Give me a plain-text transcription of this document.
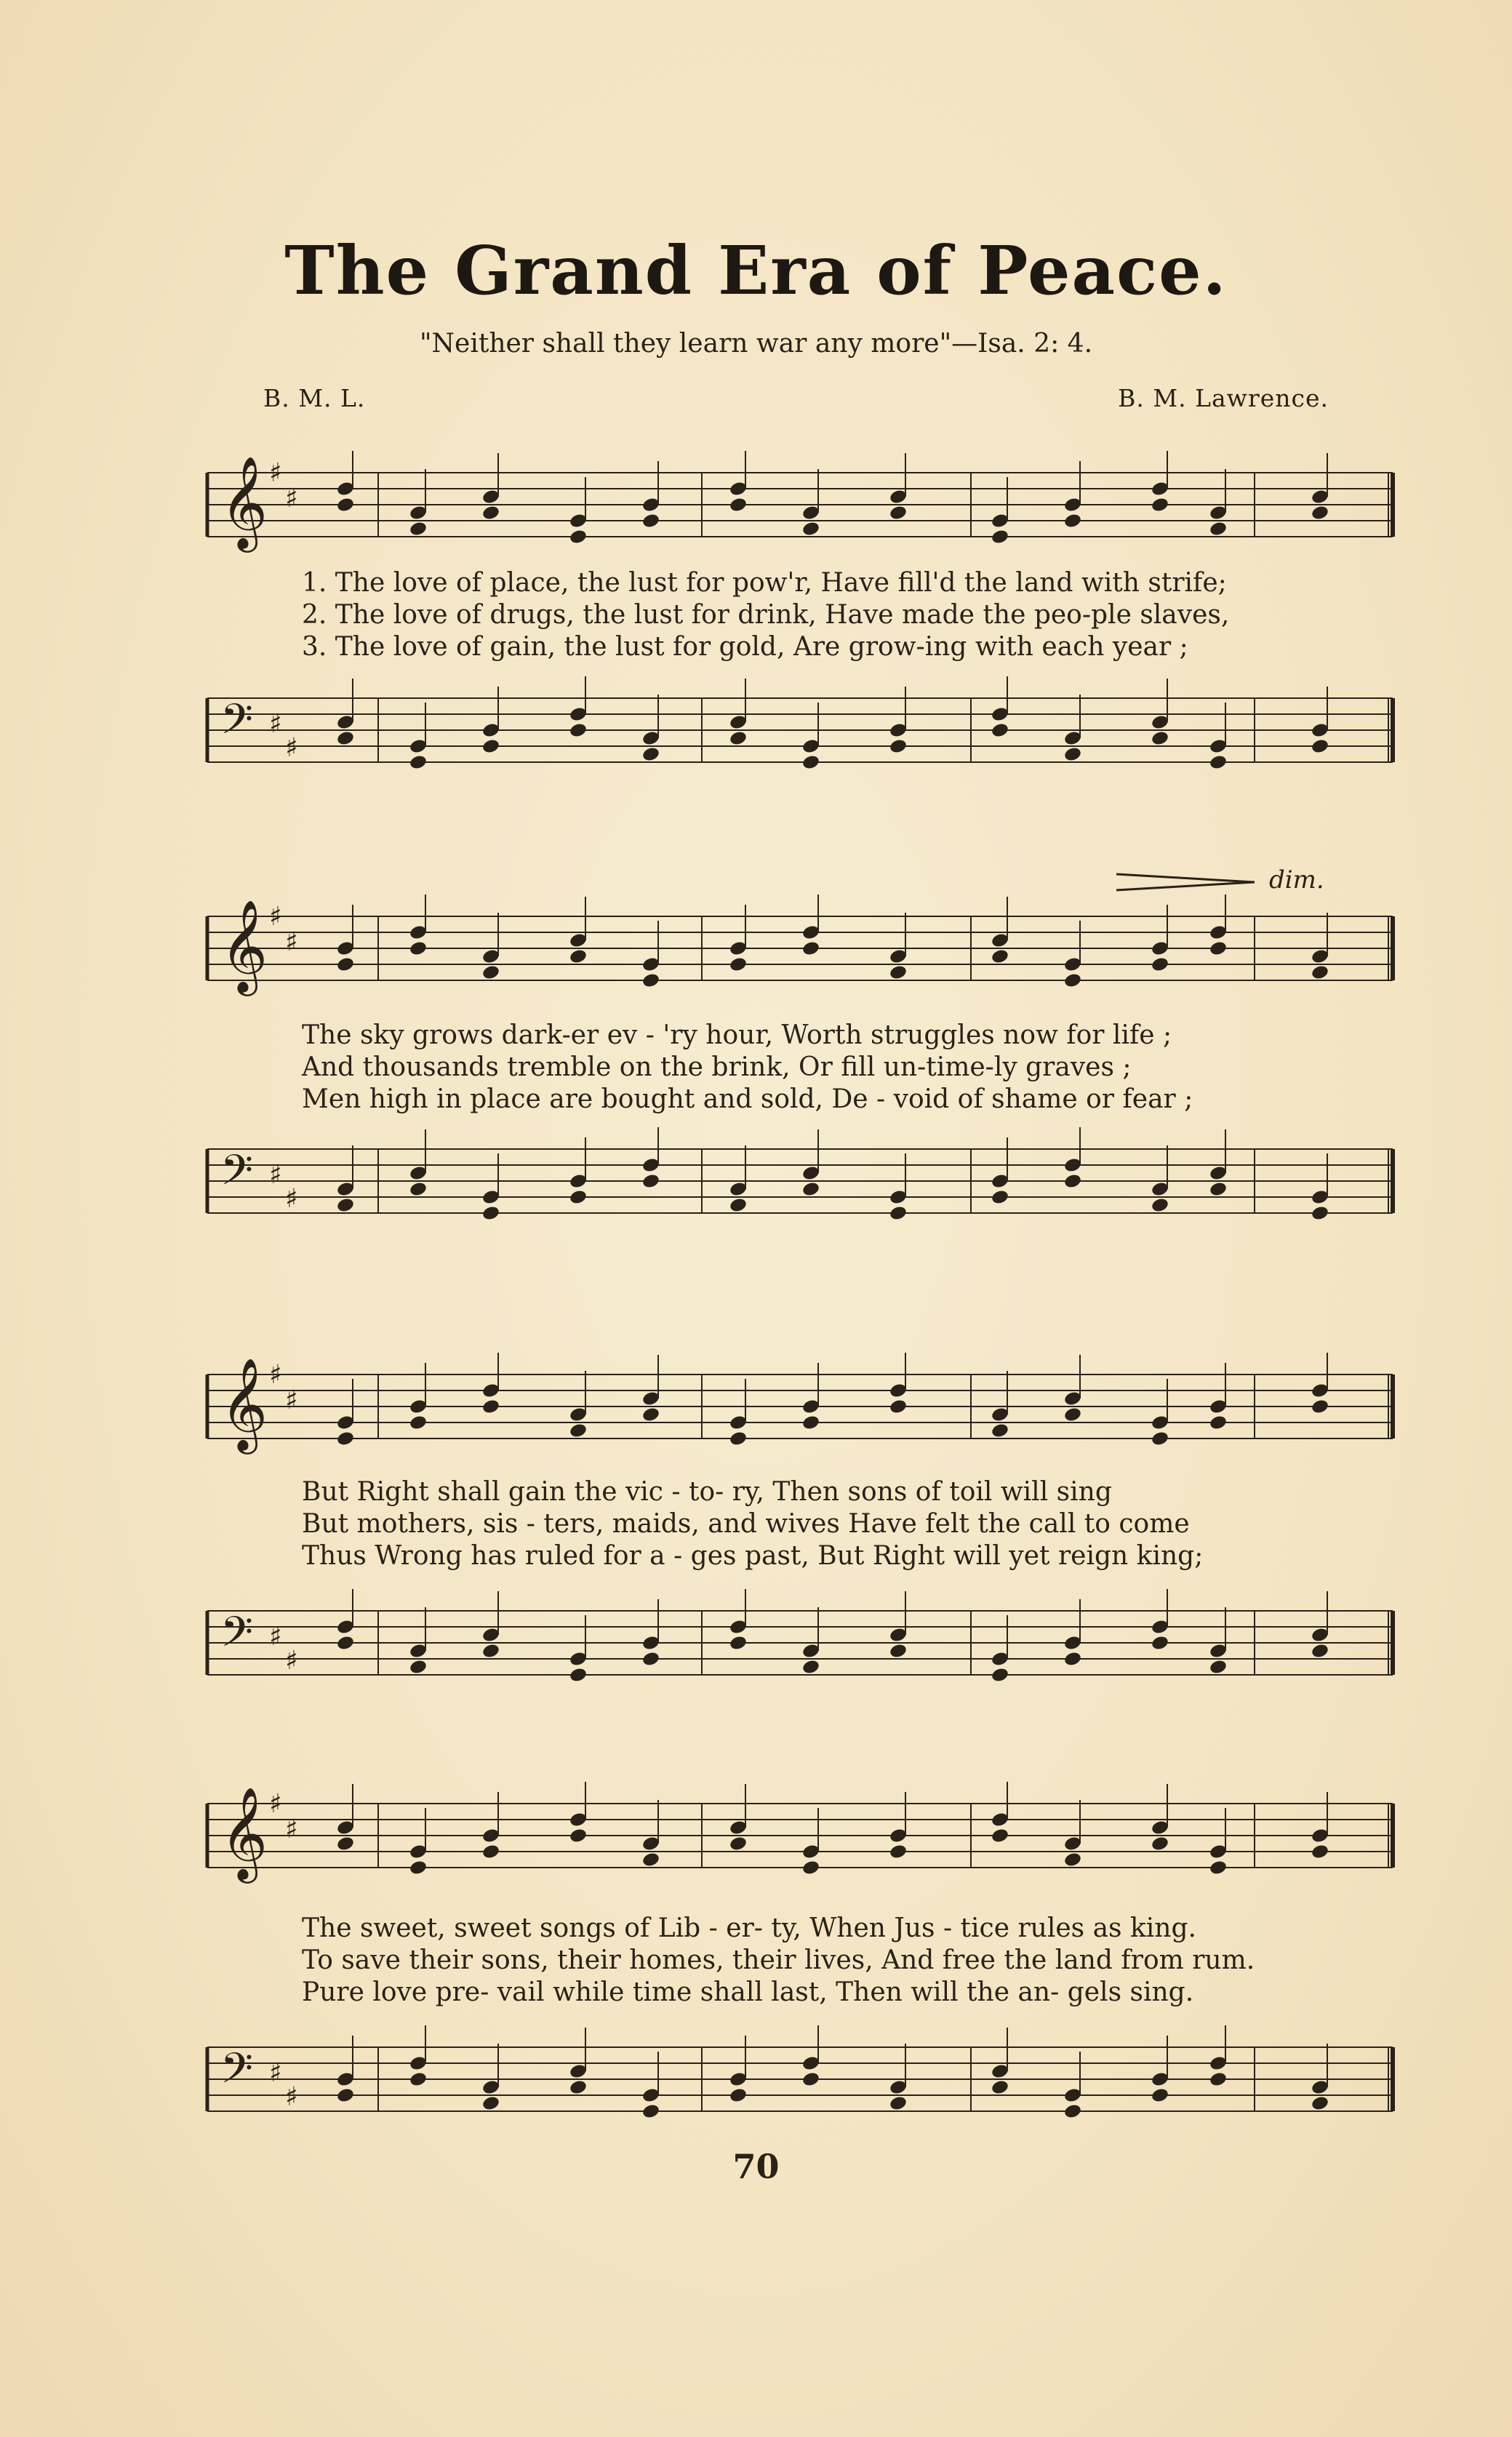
The Grand Era of Peace.
"Neither shall they learn war any more"—Isa. 2: 4.
B. M. L.	B. M. Lawrence.
𝄞 ♯
♯
1. The love of place, the lust for pow'r, Have fill'd the land with strife;
2. The love of drugs, the lust for drink, Have made the peo-ple slaves,
3. The love of gain, the lust for gold, Are grow-ing with each year ;
𝄢 ♯
♯
dim.
𝄞 ♯
♯
The sky grows dark-er ev - 'ry hour, Worth struggles now for life ;
And thousands tremble on the brink, Or fill un-time-ly graves ;
Men high in place are bought and sold, De - void of shame or fear ;
𝄢 ♯
♯
𝄞 ♯
♯
But Right shall gain the vic - to- ry, Then sons of toil will sing
But mothers, sis - ters, maids, and wives Have felt the call to come
Thus Wrong has ruled for a - ges past, But Right will yet reign king;
𝄢 ♯
♯
𝄞 ♯
♯
The sweet, sweet songs of Lib - er- ty, When Jus - tice rules as king.
To save their sons, their homes, their lives, And free the land from rum.
Pure love pre- vail while time shall last, Then will the an- gels sing.
𝄢 ♯
♯
70
